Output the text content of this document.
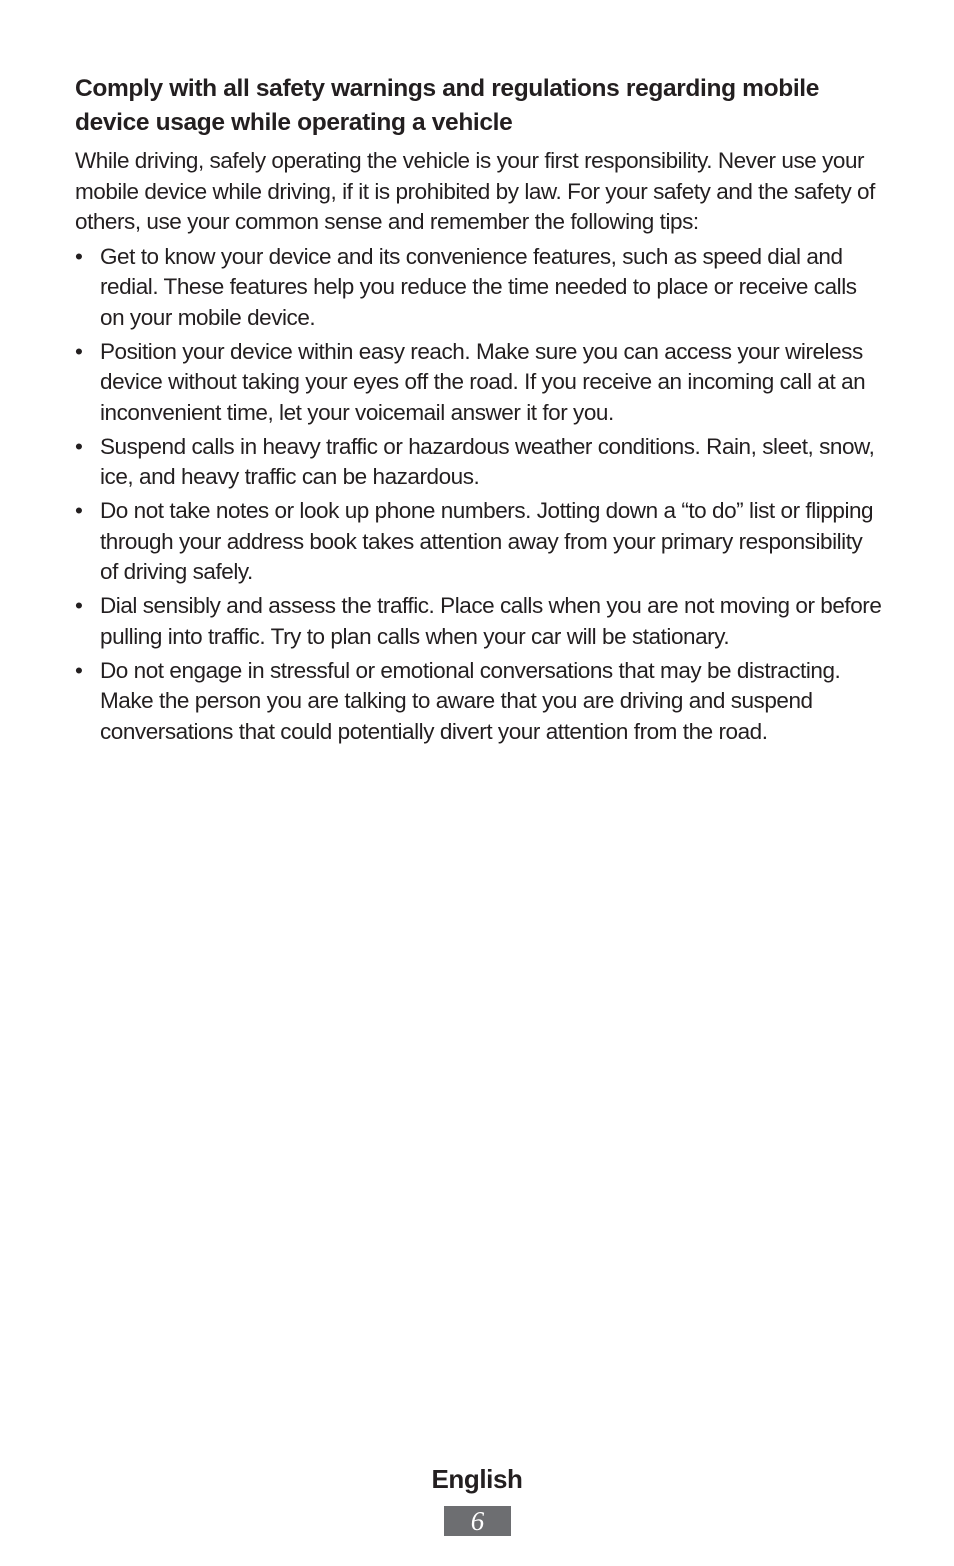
Comply with all safety warnings and regulations regarding mobile device usage while operating a vehicle

While driving, safely operating the vehicle is your first responsibility. Never use your mobile device while driving, if it is prohibited by law. For your safety and the safety of others, use your common sense and remember the following tips:

• Get to know your device and its convenience features, such as speed dial and redial. These features help you reduce the time needed to place or receive calls on your mobile device.
• Position your device within easy reach. Make sure you can access your wireless device without taking your eyes off the road. If you receive an incoming call at an inconvenient time, let your voicemail answer it for you.
• Suspend calls in heavy traffic or hazardous weather conditions. Rain, sleet, snow, ice, and heavy traffic can be hazardous.
• Do not take notes or look up phone numbers. Jotting down a “to do” list or flipping through your address book takes attention away from your primary responsibility of driving safely.
• Dial sensibly and assess the traffic. Place calls when you are not moving or before pulling into traffic. Try to plan calls when your car will be stationary.
• Do not engage in stressful or emotional conversations that may be distracting. Make the person you are talking to aware that you are driving and suspend conversations that could potentially divert your attention from the road.
English
6
